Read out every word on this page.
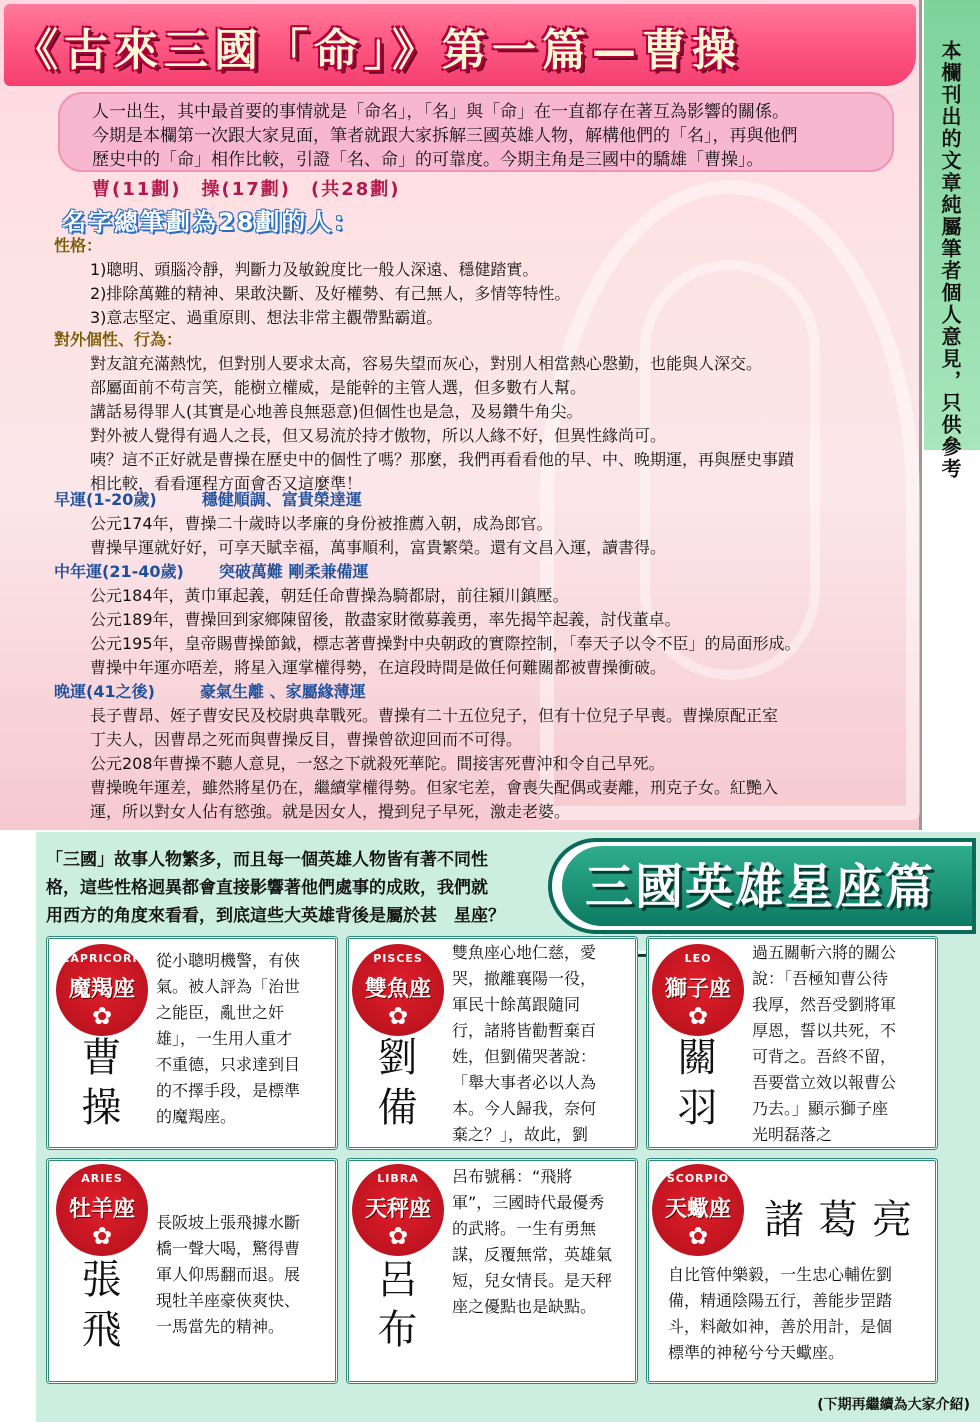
《古來三國「命」》第一篇—曹操
人一出生，其中最首要的事情就是「命名」，「名」與「命」在一直都存在著互為影響的關係。
今期是本欄第一次跟大家見面，筆者就跟大家拆解三國英雄人物，解構他們的「名」，再與他們
歷史中的「命」相作比較，引證「名、命」的可靠度。今期主角是三國中的驕雄「曹操」。
曹(11劃)　操(17劃)　(共28劃)
名字總筆劃為28劃的人：
性格：
1)聰明、頭腦冷靜，判斷力及敏銳度比一般人深遠、穩健踏實。
2)排除萬難的精神、果敢決斷、及好權勢、有己無人，多情等特性。
3)意志堅定、過重原則、想法非常主觀帶點霸道。
對外個性、行為：
對友誼充滿熱忱，但對別人要求太高，容易失望而灰心，對別人相當熱心慇勤，也能與人深交。
部屬面前不苟言笑，能樹立權威，是能幹的主管人選，但多數冇人幫。
講話易得罪人(其實是心地善良無惡意)但個性也是急，及易鑽牛角尖。
對外被人覺得有過人之長，但又易流於持才傲物，所以人緣不好，但異性緣尚可。
咦？這不正好就是曹操在歷史中的個性了嗎？那麼，我們再看看他的早、中、晚期運，再與歷史事蹟
相比較，看看運程方面會否又這麼準！
早運(1-20歲)	穩健順調、富貴榮達運
公元174年，曹操二十歲時以孝廉的身份被推薦入朝，成為郎官。
曹操早運就好好，可享天賦幸福，萬事順利，富貴繁榮。還有文昌入運，讀書得。
中年運(21-40歲) 突破萬難 剛柔兼備運
公元184年，黃巾軍起義，朝廷任命曹操為騎都尉，前往潁川鎮壓。
公元189年，曹操回到家鄉陳留後，散盡家財徵募義勇，率先揭竿起義，討伐董卓。
公元195年，皇帝賜曹操節鉞，標志著曹操對中央朝政的實際控制，「奉天子以令不臣」的局面形成。
曹操中年運亦唔差，將星入運掌權得勢，在這段時間是做任何難關都被曹操衝破。
晚運(41之後)	豪氣生離 、家屬緣薄運
長子曹昂、姪子曹安民及校尉典韋戰死。曹操有二十五位兒子，但有十位兒子早喪。曹操原配正室
丁夫人，因曹昂之死而與曹操反目，曹操曾欲迎回而不可得。
公元208年曹操不聽人意見，一怒之下就殺死華陀。間接害死曹沖和令自己早死。
曹操晚年運差，雖然將星仍在，繼續掌權得勢。但家宅差，會喪失配偶或妻離，刑克子女。紅艷入
運，所以對女人佔有慾強。就是因女人，攪到兒子早死，激走老婆。
本欄刊出的文章純屬筆者個人意見，只供參考
「三國」故事人物繁多，而且每一個英雄人物皆有著不同性
格，這些性格迥異都會直接影響著他們處事的成敗，我們就
用西方的角度來看看，到底這些大英雄背後是屬於甚　星座？
三國英雄星座篇
CAPRICORN
魔羯座
✿
曹操
從小聰明機警，有俠
氣。被人評為「治世
之能臣，亂世之奸
雄」，一生用人重才
不重德，只求達到目
的不擇手段，是標準
的魔羯座。
PISCES
雙魚座
✿
劉備
雙魚座心地仁慈，愛
哭，撤離襄陽一役，
軍民十餘萬跟隨同
行，諸將皆勸暫棄百
姓，但劉備哭著說：
「舉大事者必以人為
本。今人歸我，奈何
棄之？」，故此，劉
LEO
獅子座
✿
關羽
過五關斬六將的關公
說：「吾極知曹公待
我厚，然吾受劉將軍
厚恩，誓以共死，不
可背之。吾終不留，
吾要當立效以報曹公
乃去。」顯示獅子座
光明磊落之
ARIES
牡羊座
✿
張飛
長阪坡上張飛據水斷
橋一聲大喝，驚得曹
軍人仰馬翻而退。展
現牡羊座豪俠爽快、
一馬當先的精神。
LIBRA
天秤座
✿
呂布
呂布號稱：“飛將
軍”，三國時代最優秀
的武將。一生有勇無
謀，反覆無常，英雄氣
短，兒女情長。是天秤
座之優點也是缺點。
SCORPIO
天蠍座
✿	諸葛亮
自比管仲樂毅，一生忠心輔佐劉
備，精通陰陽五行，善能步罡踏
斗，料敵如神，善於用計，是個
標準的神秘兮兮天蠍座。
(下期再繼續為大家介紹)
